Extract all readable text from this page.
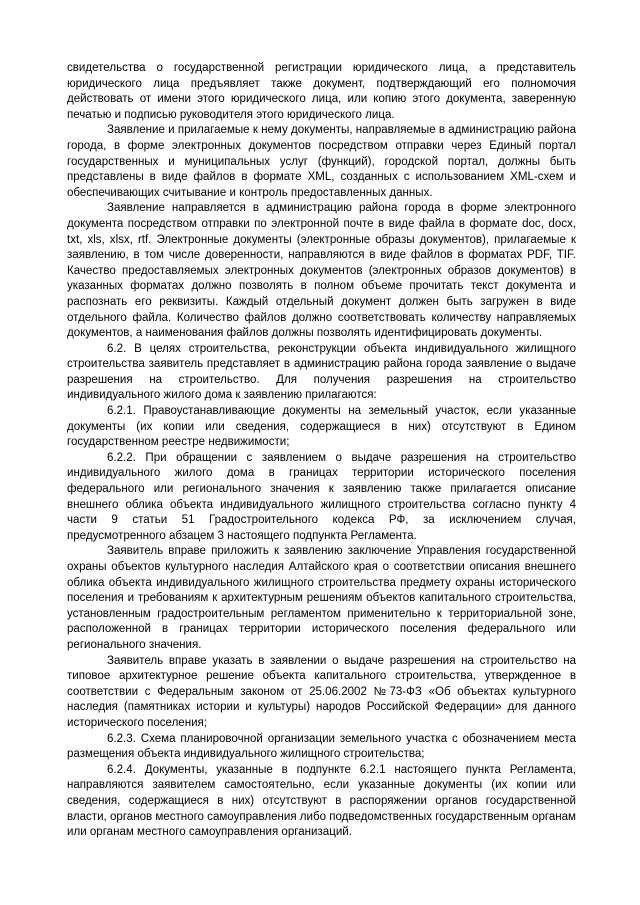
свидетельства о государственной регистрации юридического лица, а представитель юридического лица предъявляет также документ, подтверждающий его полномочия действовать от имени этого юридического лица, или копию этого документа, заверенную печатью и подписью руководителя этого юридического лица.

Заявление и прилагаемые к нему документы, направляемые в администрацию района города, в форме электронных документов посредством отправки через Единый портал государственных и муниципальных услуг (функций), городской портал, должны быть представлены в виде файлов в формате XML, созданных с использованием XML-схем и обеспечивающих считывание и контроль предоставленных данных.

Заявление направляется в администрацию района города в форме электронного документа посредством отправки по электронной почте в виде файла в формате doc, docx, txt, xls, xlsx, rtf. Электронные документы (электронные образы документов), прилагаемые к заявлению, в том числе доверенности, направляются в виде файлов в форматах PDF, TIF. Качество предоставляемых электронных документов (электронных образов документов) в указанных форматах должно позволять в полном объеме прочитать текст документа и распознать его реквизиты. Каждый отдельный документ должен быть загружен в виде отдельного файла. Количество файлов должно соответствовать количеству направляемых документов, а наименования файлов должны позволять идентифицировать документы.

6.2. В целях строительства, реконструкции объекта индивидуального жилищного строительства заявитель представляет в администрацию района города заявление о выдаче разрешения на строительство. Для получения разрешения на строительство индивидуального жилого дома к заявлению прилагаются:

6.2.1. Правоустанавливающие документы на земельный участок, если указанные документы (их копии или сведения, содержащиеся в них) отсутствуют в Едином государственном реестре недвижимости;

6.2.2. При обращении с заявлением о выдаче разрешения на строительство индивидуального жилого дома в границах территории исторического поселения федерального или регионального значения к заявлению также прилагается описание внешнего облика объекта индивидуального жилищного строительства согласно пункту 4 части 9 статьи 51 Градостроительного кодекса РФ, за исключением случая, предусмотренного абзацем 3 настоящего подпункта Регламента.

Заявитель вправе приложить к заявлению заключение Управления государственной охраны объектов культурного наследия Алтайского края о соответствии описания внешнего облика объекта индивидуального жилищного строительства предмету охраны исторического поселения и требованиям к архитектурным решениям объектов капитального строительства, установленным градостроительным регламентом применительно к территориальной зоне, расположенной в границах территории исторического поселения федерального или регионального значения.

Заявитель вправе указать в заявлении о выдаче разрешения на строительство на типовое архитектурное решение объекта капитального строительства, утвержденное в соответствии с Федеральным законом от 25.06.2002 №73-ФЗ «Об объектах культурного наследия (памятниках истории и культуры) народов Российской Федерации» для данного исторического поселения;

6.2.3. Схема планировочной организации земельного участка с обозначением места размещения объекта индивидуального жилищного строительства;

6.2.4. Документы, указанные в подпункте 6.2.1 настоящего пункта Регламента, направляются заявителем самостоятельно, если указанные документы (их копии или сведения, содержащиеся в них) отсутствуют в распоряжении органов государственной власти, органов местного самоуправления либо подведомственных государственным органам или органам местного самоуправления организаций.
